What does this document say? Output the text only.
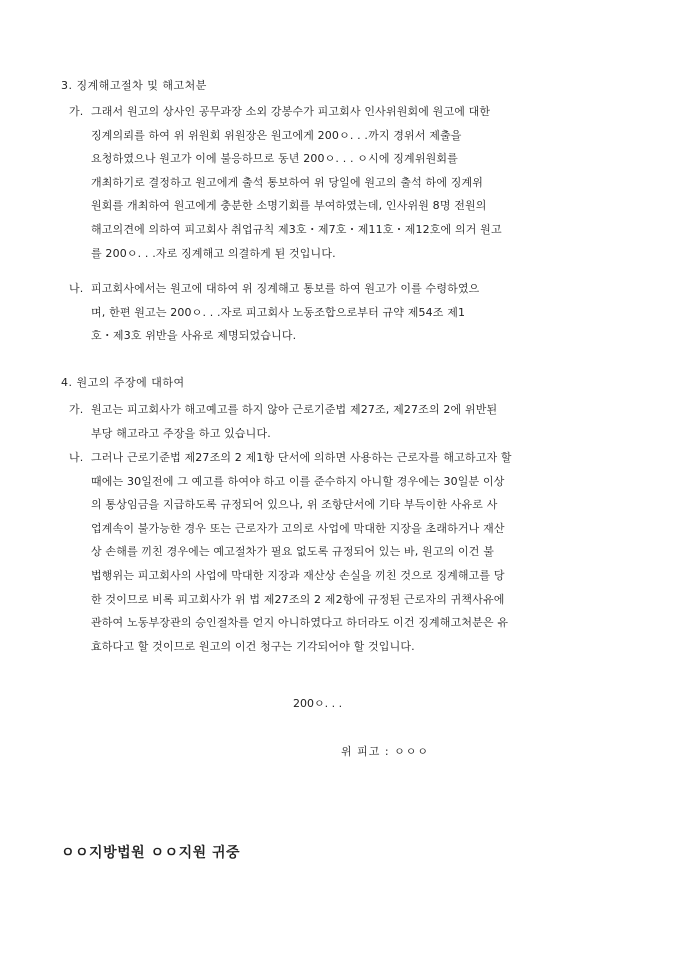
3. 징계해고절차 및 해고처분
가. 그래서 원고의 상사인 공무과장 소외 강봉수가 피고회사 인사위원회에 원고에 대한
징계의뢰를 하여 위 위원회 위원장은 원고에게 200ㅇ. . .까지 경위서 제출을
요청하였으나 원고가 이에 불응하므로 동년 200ㅇ. . . ㅇ시에 징계위원회를
개최하기로 결정하고 원고에게 출석 통보하여 위 당일에 원고의 출석 하에 징계위
원회를 개최하여 원고에게 충분한 소명기회를 부여하였는데, 인사위원 8명 전원의
해고의견에 의하여 피고회사 취업규칙 제3호・제7호・제11호・제12호에 의거 원고
를 200ㅇ. . .자로 징계해고 의결하게 된 것입니다.
나. 피고회사에서는 원고에 대하여 위 징계해고 통보를 하여 원고가 이를 수령하였으
며, 한편 원고는 200ㅇ. . .자로 피고회사 노동조합으로부터 규약 제54조 제1
호・제3호 위반을 사유로 제명되었습니다.
4. 원고의 주장에 대하여
가. 원고는 피고회사가 해고예고를 하지 않아 근로기준법 제27조, 제27조의 2에 위반된
부당 해고라고 주장을 하고 있습니다.
나. 그러나 근로기준법 제27조의 2 제1항 단서에 의하면 사용하는 근로자를 해고하고자 할
때에는 30일전에 그 예고를 하여야 하고 이를 준수하지 아니할 경우에는 30일분 이상
의 통상임금을 지급하도록 규정되어 있으나, 위 조항단서에 기타 부득이한 사유로 사
업계속이 불가능한 경우 또는 근로자가 고의로 사업에 막대한 지장을 초래하거나 재산
상 손해를 끼친 경우에는 예고절차가 필요 없도록 규정되어 있는 바, 원고의 이건 불
법행위는 피고회사의 사업에 막대한 지장과 재산상 손실을 끼친 것으로 징계해고를 당
한 것이므로 비록 피고회사가 위 법 제27조의 2 제2항에 규정된 근로자의 귀책사유에
관하여 노동부장관의 승인절차를 얻지 아니하였다고 하더라도 이건 징계해고처분은 유
효하다고 할 것이므로 원고의 이건 청구는 기각되어야 할 것입니다.
200ㅇ. . .
위 피고 : ㅇㅇㅇ
ㅇㅇ지방법원 ㅇㅇ지원 귀중
